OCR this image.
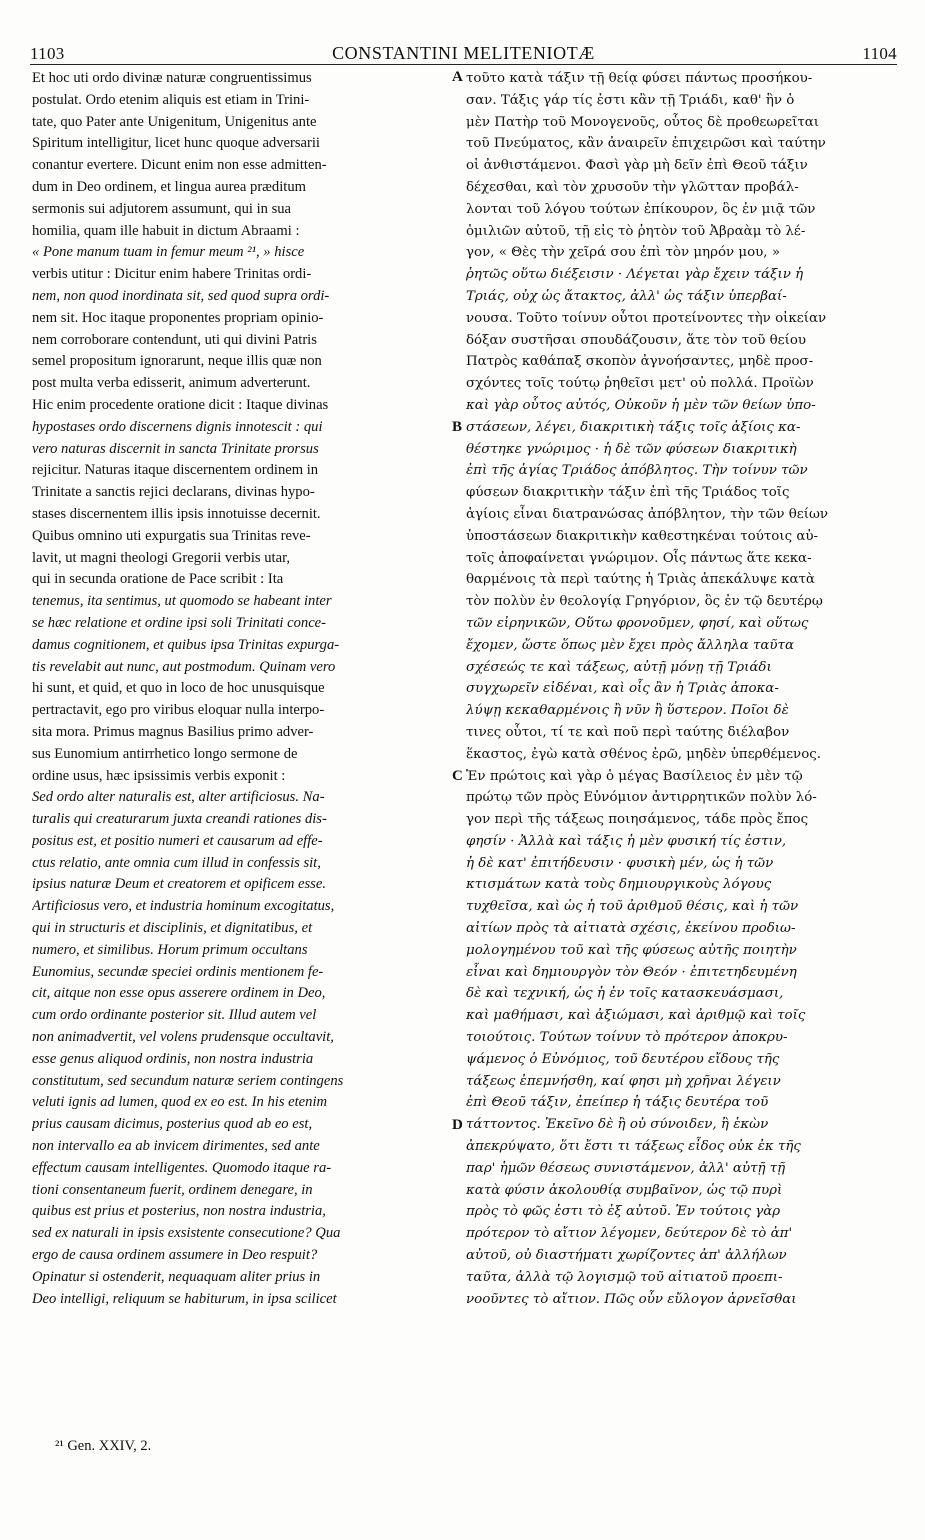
1103	CONSTANTINI MELITENIOTÆ	1104
Et hoc uti ordo divinæ naturæ congruentissimus
postulat. Ordo etenim aliquis est etiam in Trini-
tate, quo Pater ante Unigenitum, Unigenitus ante
Spiritum intelligitur, licet hunc quoque adversarii
conantur evertere. Dicunt enim non esse admitten-
dum in Deo ordinem, et lingua aurea præditum
sermonis sui adjutorem assumunt, qui in sua
homilia, quam ille habuit in dictum Abraami :
« Pone manum tuam in femur meum ²¹, » hisce
verbis utitur : Dicitur enim habere Trinitas ordi-
nem, non quod inordinata sit, sed quod supra ordi-
nem sit. Hoc itaque proponentes propriam opinio-
nem corroborare contendunt, uti qui divini Patris
semel propositum ignorarunt, neque illis quæ non
post multa verba edisserit, animum adverterunt.
Hic enim procedente oratione dicit : Itaque divinas
hypostases ordo discernens dignis innotescit : qui
vero naturas discernit in sancta Trinitate prorsus
rejicitur. Naturas itaque discernentem ordinem in
Trinitate a sanctis rejici declarans, divinas hypo-
stases discernentem illis ipsis innotuisse decernit.
Quibus omnino uti expurgatis sua Trinitas reve-
lavit, ut magni theologi Gregorii verbis utar,
qui in secunda oratione de Pace scribit : Ita
tenemus, ita sentimus, ut quomodo se habeant inter
se hæc relatione et ordine ipsi soli Trinitati conce-
damus cognitionem, et quibus ipsa Trinitas expurga-
tis revelabit aut nunc, aut postmodum. Quinam vero
hi sunt, et quid, et quo in loco de hoc unusquisque
pertractavit, ego pro viribus eloquar nulla interpo-
sita mora. Primus magnus Basilius primo adver-
sus Eunomium antirrhetico longo sermone de
ordine usus, hæc ipsissimis verbis exponit :
Sed ordo alter naturalis est, alter artificiosus. Na-
turalis qui creaturarum juxta creandi rationes dis-
positus est, et positio numeri et causarum ad effe-
ctus relatio, ante omnia cum illud in confessis sit,
ipsius naturæ Deum et creatorem et opificem esse.
Artificiosus vero, et industria hominum excogitatus,
qui in structuris et disciplinis, et dignitatibus, et
numero, et similibus. Horum primum occultans
Eunomius, secundæ speciei ordinis mentionem fe-
cit, aitque non esse opus asserere ordinem in Deo,
cum ordo ordinante posterior sit. Illud autem vel
non animadvertit, vel volens prudensque occultavit,
esse genus aliquod ordinis, non nostra industria
constitutum, sed secundum naturæ seriem contingens
veluti ignis ad lumen, quod ex eo est. In his etenim
prius causam dicimus, posterius quod ab eo est,
non intervallo ea ab invicem dirimentes, sed ante
effectum causam intelligentes. Quomodo itaque ra-
tioni consentaneum fuerit, ordinem denegare, in
quibus est prius et posterius, non nostra industria,
sed ex naturali in ipsis exsistente consecutione? Qua
ergo de causa ordinem assumere in Deo respuit?
Opinatur si ostenderit, nequaquam aliter prius in
Deo intelligi, reliquum se habiturum, in ipsa scilicet
τοῦτο κατὰ τάξιν τῇ θείᾳ φύσει πάντως προσήκου-
σαν. Τάξις γάρ τίς ἐστι κἂν τῇ Τριάδι, καθ' ἣν ὁ
μὲν Πατὴρ τοῦ Μονογενοῦς, οὗτος δὲ προθεωρεῖται
τοῦ Πνεύματος, κἂν ἀναιρεῖν ἐπιχειρῶσι καὶ ταύτην
οἱ ἀνθιστάμενοι. Φασὶ γὰρ μὴ δεῖν ἐπὶ Θεοῦ τάξιν
δέχεσθαι, καὶ τὸν χρυσοῦν τὴν γλῶτταν προβάλ-
λονται τοῦ λόγου τούτων ἐπίκουρον, ὃς ἐν μιᾷ τῶν
ὁμιλιῶν αὐτοῦ, τῇ εἰς τὸ ῥητὸν τοῦ Ἀβραὰμ τὸ λέ-
γον, « Θὲς τὴν χεῖρά σου ἐπὶ τὸν μηρόν μου, »
ῥητῶς οὕτω διέξεισιν · Λέγεται γὰρ ἔχειν τάξιν ἡ
Τριάς, οὐχ ὡς ἄτακτος, ἀλλ' ὡς τάξιν ὑπερβαί-
νουσα. Τοῦτο τοίνυν οὗτοι προτείνοντες τὴν οἰκείαν
δόξαν συστῆσαι σπουδάζουσιν, ἅτε τὸν τοῦ θείου
Πατρὸς καθάπαξ σκοπὸν ἀγνοήσαντες, μηδὲ προσ-
σχόντες τοῖς τούτῳ ῥηθεῖσι μετ' οὐ πολλά. Προϊὼν
καὶ γὰρ οὗτος αὐτός, Οὐκοῦν ἡ μὲν τῶν θείων ὑπο-
στάσεων, λέγει, διακριτικὴ τάξις τοῖς ἀξίοις κα-
θέστηκε γνώριμος · ἡ δὲ τῶν φύσεων διακριτικὴ
ἐπὶ τῆς ἁγίας Τριάδος ἀπόβλητος. Τὴν τοίνυν τῶν
φύσεων διακριτικὴν τάξιν ἐπὶ τῆς Τριάδος τοῖς
ἁγίοις εἶναι διατρανώσας ἀπόβλητον, τὴν τῶν θείων
ὑποστάσεων διακριτικὴν καθεστηκέναι τούτοις αὐ-
τοῖς ἀποφαίνεται γνώριμον. Οἷς πάντως ἅτε κεκα-
θαρμένοις τὰ περὶ ταύτης ἡ Τριὰς ἀπεκάλυψε κατὰ
τὸν πολὺν ἐν θεολογίᾳ Γρηγόριον, ὃς ἐν τῷ δευτέρῳ
τῶν εἰρηνικῶν, Οὕτω φρονοῦμεν, φησί, καὶ οὕτως
ἔχομεν, ὥστε ὅπως μὲν ἔχει πρὸς ἄλληλα ταῦτα
σχέσεώς τε καὶ τάξεως, αὐτῇ μόνῃ τῇ Τριάδι
συγχωρεῖν εἰδέναι, καὶ οἷς ἂν ἡ Τριὰς ἀποκα-
λύψῃ κεκαθαρμένοις ἢ νῦν ἢ ὕστερον. Ποῖοι δὲ
τινες οὗτοι, τί τε καὶ ποῦ περὶ ταύτης διέλαβον
ἕκαστος, ἐγὼ κατὰ σθένος ἐρῶ, μηδὲν ὑπερθέμενος.
Ἐν πρώτοις καὶ γὰρ ὁ μέγας Βασίλειος ἐν μὲν τῷ
πρώτῳ τῶν πρὸς Εὐνόμιον ἀντιρρητικῶν πολὺν λό-
γον περὶ τῆς τάξεως ποιησάμενος, τάδε πρὸς ἔπος
φησίν · Ἀλλὰ καὶ τάξις ἡ μὲν φυσική τίς ἐστιν,
ἡ δὲ κατ' ἐπιτήδευσιν · φυσικὴ μέν, ὡς ἡ τῶν
κτισμάτων κατὰ τοὺς δημιουργικοὺς λόγους
τυχθεῖσα, καὶ ὡς ἡ τοῦ ἀριθμοῦ θέσις, καὶ ἡ τῶν
αἰτίων πρὸς τὰ αἰτιατὰ σχέσις, ἐκείνου προδιω-
μολογημένου τοῦ καὶ τῆς φύσεως αὐτῆς ποιητὴν
εἶναι καὶ δημιουργὸν τὸν Θεόν · ἐπιτετηδευμένη
δὲ καὶ τεχνική, ὡς ἡ ἐν τοῖς κατασκευάσμασι,
καὶ μαθήμασι, καὶ ἀξιώμασι, καὶ ἀριθμῷ καὶ τοῖς
τοιούτοις. Τούτων τοίνυν τὸ πρότερον ἀποκρυ-
ψάμενος ὁ Εὐνόμιος, τοῦ δευτέρου εἴδους τῆς
τάξεως ἐπεμνήσθη, καί φησι μὴ χρῆναι λέγειν
ἐπὶ Θεοῦ τάξιν, ἐπείπερ ἡ τάξις δευτέρα τοῦ
τάττοντος. Ἐκεῖνο δὲ ἢ οὐ σύνοιδεν, ἢ ἑκὼν
ἀπεκρύψατο, ὅτι ἔστι τι τάξεως εἶδος οὐκ ἐκ τῆς
παρ' ἡμῶν θέσεως συνιστάμενον, ἀλλ' αὐτῇ τῇ
κατὰ φύσιν ἀκολουθίᾳ συμβαῖνον, ὡς τῷ πυρὶ
πρὸς τὸ φῶς ἐστι τὸ ἐξ αὐτοῦ. Ἐν τούτοις γὰρ
πρότερον τὸ αἴτιον λέγομεν, δεύτερον δὲ τὸ ἀπ'
αὐτοῦ, οὐ διαστήματι χωρίζοντες ἀπ' ἀλλήλων
ταῦτα, ἀλλὰ τῷ λογισμῷ τοῦ αἰτιατοῦ προεπι-
νοοῦντες τὸ αἴτιον. Πῶς οὖν εὔλογον ἀρνεῖσθαι
A
B
C
D
²¹ Gen. XXIV, 2.
